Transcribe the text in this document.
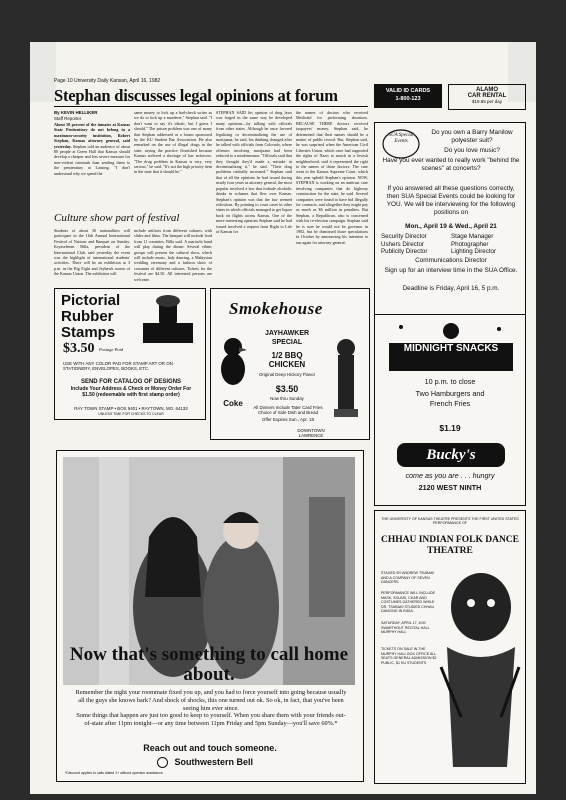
Page 10 University Daily Kansan, April 16, 1982
Stephan discusses legal opinions at forum
By KEVIN HELLIKER
Staff Reporter
About 50 percent of the inmates at Kansas State Penitentiary do not belong in a maximum-security institution, Robert Stephan, Kansas attorney general, said yesterday. Stephan told an audience of about 80 people at Green Hall that Kansas should develop a cheaper and less severe measure for non-violent criminals than sending them to the penitentiary at Lansing. "I don't understand why we spend the
same money to lock up a bad-check writer as we do to lock up a murderer," Stephan said. "I don't want to say it's idiotic, but I guess I should." The prison problem was one of many that Stephan addressed at a forum sponsored by the KU Student Bar Association. He also remarked on the use of illegal drugs in the state, saying the practice flourished because Kansas suffered a shortage of law enforcers. "The drug problem in Kansas is very, very serious," he said. "It's not the high priority item in the state that it should be."
STEPHAN SAID his opinion of drug laws was forged in the same way he developed many opinions—by talking with officials from other states. Although he once favored legalizing or decriminalizing the use of marijuana, he said, his thinking changed after he talked with officials from Colorado, where offenses involving marijuana had been reduced to a misdemeanor. "Officials said that they thought they'd made a mistake in decriminalizing it," he said. "Their drug problems radically increased." Stephan said that of all the opinions he had issued during nearly four years as attorney general, the most popular involved a law that forbade alcoholic drinks in volumes that flew over Kansas. Stephan's opinion was that the law seemed ridiculous. By pointing to court cases in other states in which officials managed to get liquor back on flights across Kansas. One of the more interesting opinions Stephan said he had issued involved a request from Right to Life of Kansas for
the names of doctors who received Medicaid for performing abortions. BECAUSE THERE doctors received taxpayers' money, Stephan said, he determined that their names should be a matter of public record. But, Stephan said, he was surprised when the American Civil Liberties Union, which once had supported the rights of Nazis to march in a Jewish neighborhood, said it represented the right to the names of those doctors. The case went to the Kansas Supreme Court, which this year upheld Stephan's opinion. NOW, STEPHAN is working on an antitrust case involving companies that do highway construction for the state, he said. Several companies were found to have bid illegally for contracts, and altogether they might pay as much as $6 million in penalties. But Stephan, a Republican, also is concerned with his re-election campaign. Stephan said he is sure he would not be governor in 1982, but he dismissed those speculations in October by announcing his intention to run again for attorney general.
Culture show part of festival
Students of about 30 nationalities will participate in the 16th Annual International Festival of Nations and Banquet on Sunday. Kryaselenen Billa, president of the International Club, said yesterday the event was the highlight of international students' activities. There will be an exhibition at 3 p.m. in the Big Eight and Jayhawk rooms of the Kansas Union. The exhibition will
include artifacts from different cultures, with slides and films. The banquet will include food from 11 countries. Billa said. A mariachi band will play during the dinner. Several ethnic groups will present the cultural show, which will include music, lady dancing, a Malaysian wedding ceremony and a fashion show of costumes of different cultures. Tickets for the festival are $4.50. All interested persons are welcome.
Pictorial Rubber Stamps
$3.50 Postage Paid
USE WITH ANY COLOR PAD FOR STAMP ART OR ON STATIONERY, ENVELOPES, BOOKS, ETC.
SEND FOR CATALOG OF DESIGNS
Include Your Address & Check or Money Order For $1.50 (redeemable with first stamp order)
RAY TOWN STAMP • BOX 9401 • RAYTOWN, MO. 64133
UNLESS TIME FOR CHECKS TO CLEAR
Smokehouse
JAYHAWKER
SPECIAL
1/2 BBQ
CHICKEN
Original Deep Hickory Flavor
$3.50
Now thru Sunday
All Dinners Include Tater Card Fries Choice of Side Dish and Bread
Offer Expires Sun., Apr. 18
Coke
DOWNTOWN LAWRENCE
VALID ID CARDS
1-800-123
ALAMO
CAR RENTAL
$19.95 per day
SUA Special Events
Do you own a Barry Manilow polyester suit?
Do you love music?
Have you ever wanted to really work "behind the scenes" at concerts?
If you answered all these questions correctly, then SUA Special Events could be looking for YOU. We will be interviewing for the following positions on
Mon., April 19 & Wed., April 21
Security Director	Stage Manager
Ushers Director	Photographer
Publicity Director	Lighting Director
Communications Director
Sign up for an interview time in the SUA Office.
Deadline is Friday, April 16, 5 p.m.
MIDNIGHT SNACKS
10 p.m. to close
Two Hamburgers and
French Fries
$1.19
Bucky's
come as you are . . . hungry
2120 WEST NINTH
THE UNIVERSITY OF KANSAS THEATRE PRESENTS THE FIRST UNITED STATES PERFORMANCE OF
CHHAU INDIAN FOLK DANCE THEATRE
STAGED BY ANDREW TSUBAKI AND A COMPANY OF SEVEN DANCERS
PERFORMANCE WILL INCLUDE MASK, SOUND, CHAR AND COSTUMES GATHERED WHILE DR. TSUBAKI STUDIED CHHAU DANCING IN INDIA.
SATURDAY, APRIL 17, 8:00 SWARTHOUT RECITAL HALL MURPHY HALL
TICKETS ON SALE IN THE MURPHY HALL BOX OFFICE ALL SEATS GENERAL ADMISSION $2 PUBLIC, $1 KU STUDENTS
Now that's something to call home about.
Remember the night your roommate fixed you up, and you had to force yourself into going because usually all the guys she knows bark? And shock of shocks, this one turned out ok. So ok, in fact, that you've been seeing him ever since.
Some things that happen are just too good to keep to yourself. When you share them with your friends out-of-state after 11pm tonight—or any time between 11pm Friday and 5pm Sunday—you'll save 60%.*
Reach out and touch someone.
Southwestern Bell
*Discount applies to calls dialed 1+ without operator assistance.
